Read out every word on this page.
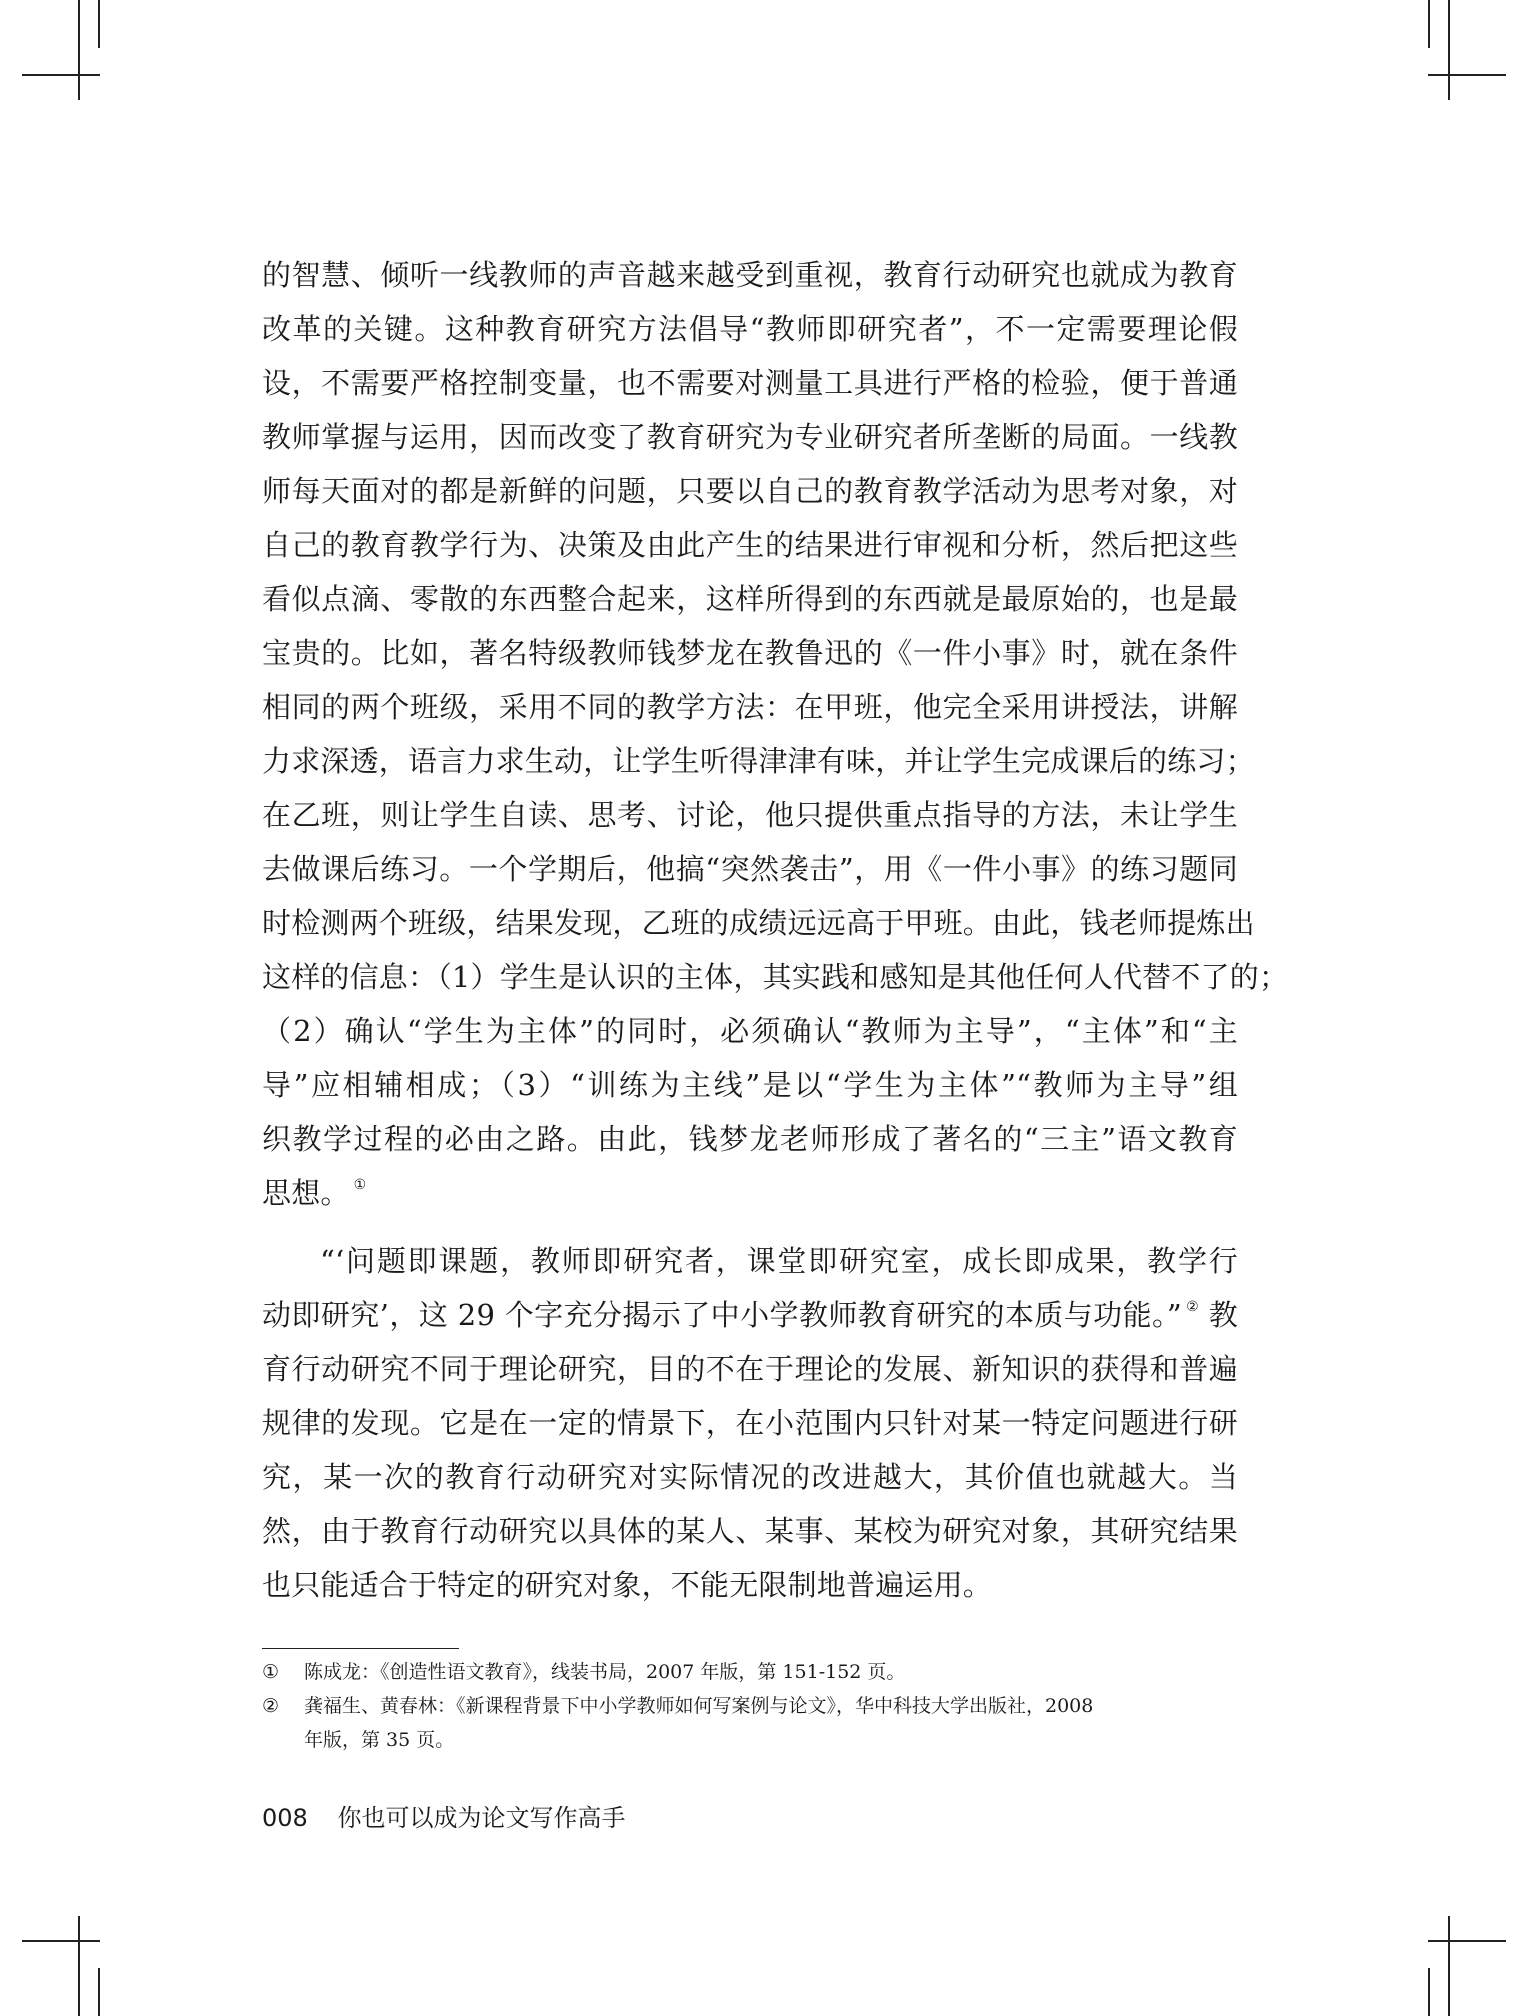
的智慧、倾听一线教师的声音越来越受到重视，教育行动研究也就成为教育
改革的关键。这种教育研究方法倡导“教师即研究者”，不一定需要理论假
设，不需要严格控制变量，也不需要对测量工具进行严格的检验，便于普通
教师掌握与运用，因而改变了教育研究为专业研究者所垄断的局面。一线教
师每天面对的都是新鲜的问题，只要以自己的教育教学活动为思考对象，对
自己的教育教学行为、决策及由此产生的结果进行审视和分析，然后把这些
看似点滴、零散的东西整合起来，这样所得到的东西就是最原始的，也是最
宝贵的。比如，著名特级教师钱梦龙在教鲁迅的《一件小事》时，就在条件
相同的两个班级，采用不同的教学方法：在甲班，他完全采用讲授法，讲解
力求深透，语言力求生动，让学生听得津津有味，并让学生完成课后的练习；
在乙班，则让学生自读、思考、讨论，他只提供重点指导的方法，未让学生
去做课后练习。一个学期后，他搞“突然袭击”，用《一件小事》的练习题同
时检测两个班级，结果发现，乙班的成绩远远高于甲班。由此，钱老师提炼出
这样的信息：（1）学生是认识的主体，其实践和感知是其他任何人代替不了的；
（2）确认“学生为主体”的同时，必须确认“教师为主导”，“主体”和“主
导”应相辅相成；（3）“训练为主线”是以“学生为主体”“教师为主导”组
织教学过程的必由之路。由此，钱梦龙老师形成了著名的“三主”语文教育
思想。 ①
“‘问题即课题，教师即研究者，课堂即研究室，成长即成果，教学行
动即研究’，这 29 个字充分揭示了中小学教师教育研究的本质与功能。” ② 教
育行动研究不同于理论研究，目的不在于理论的发展、新知识的获得和普遍
规律的发现。它是在一定的情景下，在小范围内只针对某一特定问题进行研
究，某一次的教育行动研究对实际情况的改进越大，其价值也就越大。当
然，由于教育行动研究以具体的某人、某事、某校为研究对象，其研究结果
也只能适合于特定的研究对象，不能无限制地普遍运用。
①	陈成龙：《创造性语文教育》，线装书局，2007 年版，第 151-152 页。
②	龚福生、黄春林：《新课程背景下中小学教师如何写案例与论文》，华中科技大学出版社，2008
年版，第 35 页。
008 你也可以成为论文写作高手
